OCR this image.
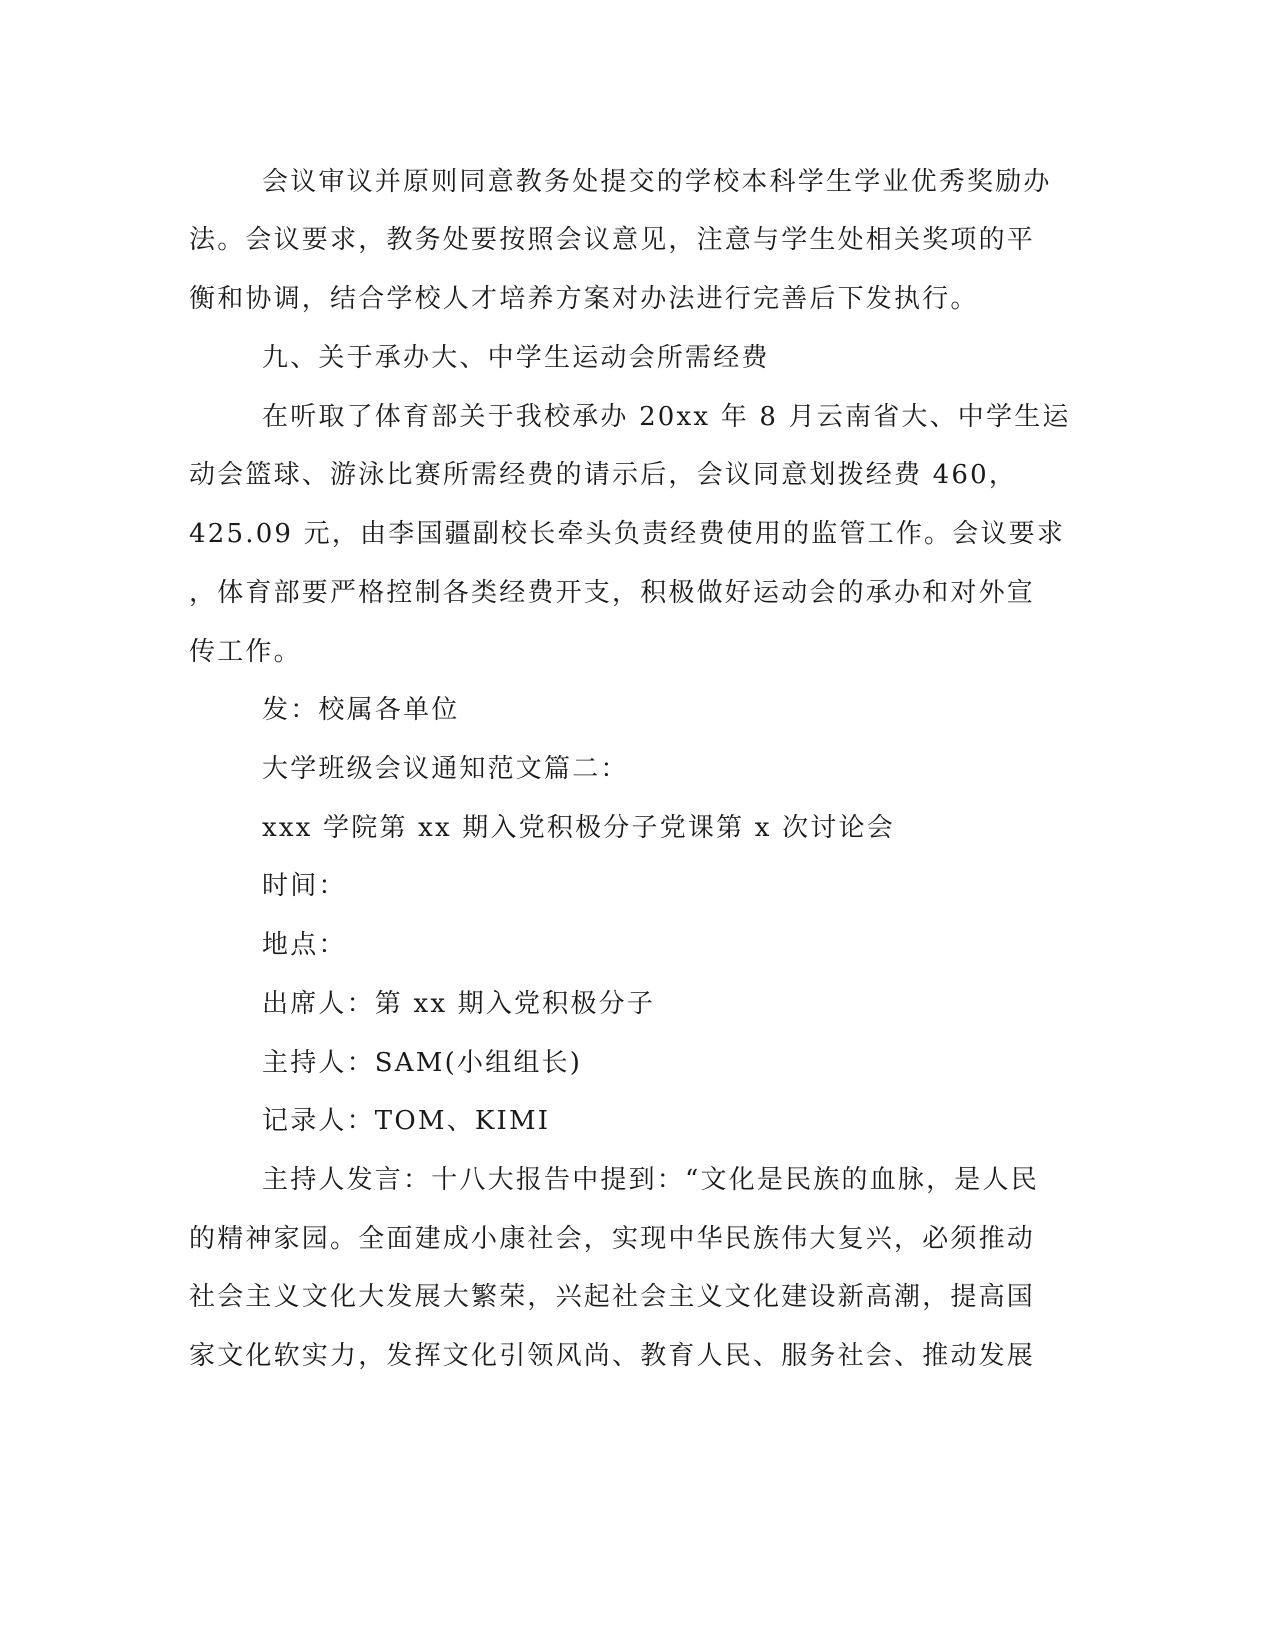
会议审议并原则同意教务处提交的学校本科学生学业优秀奖励办

法。会议要求，教务处要按照会议意见，注意与学生处相关奖项的平

衡和协调，结合学校人才培养方案对办法进行完善后下发执行。

九、关于承办大、中学生运动会所需经费

在听取了体育部关于我校承办 20xx 年 8 月云南省大、中学生运

动会篮球、游泳比赛所需经费的请示后，会议同意划拨经费 460，

425.09 元，由李国疆副校长牵头负责经费使用的监管工作。会议要求

，体育部要严格控制各类经费开支，积极做好运动会的承办和对外宣

传工作。

发：校属各单位

大学班级会议通知范文篇二：

xxx 学院第 xx 期入党积极分子党课第 x 次讨论会

时间：

地点：

出席人：第 xx 期入党积极分子

主持人：SAM(小组组长)

记录人：TOM、KIMI

主持人发言：十八大报告中提到：“文化是民族的血脉，是人民

的精神家园。全面建成小康社会，实现中华民族伟大复兴，必须推动

社会主义文化大发展大繁荣，兴起社会主义文化建设新高潮，提高国

家文化软实力，发挥文化引领风尚、教育人民、服务社会、推动发展
